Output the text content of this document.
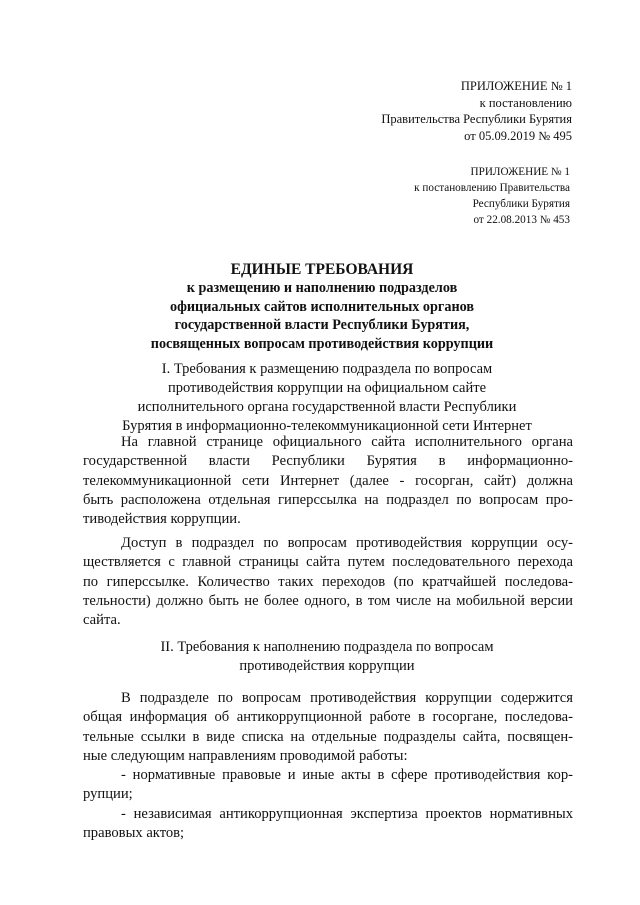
ПРИЛОЖЕНИЕ № 1
к постановлению
Правительства Республики Бурятия
от 05.09.2019 № 495
ПРИЛОЖЕНИЕ № 1
к постановлению Правительства
Республики Бурятия
от 22.08.2013 № 453
ЕДИНЫЕ ТРЕБОВАНИЯ
к размещению и наполнению подразделов
официальных сайтов исполнительных органов
государственной власти Республики Бурятия,
посвященных вопросам противодействия коррупции
I. Требования к размещению подраздела по вопросам
противодействия коррупции на официальном сайте
исполнительного органа государственной власти Республики
Бурятия в информационно-телекоммуникационной сети Интернет
На главной странице официального сайта исполнительного органа
государственной власти Республики Бурятия в информационно-
телекоммуникационной сети Интернет (далее - госорган, сайт) должна
быть расположена отдельная гиперссылка на подраздел по вопросам про-
тиводействия коррупции.
Доступ в подраздел по вопросам противодействия коррупции осу-
ществляется с главной страницы сайта путем последовательного перехода
по гиперссылке. Количество таких переходов (по кратчайшей последова-
тельности) должно быть не более одного, в том числе на мобильной версии
сайта.
II. Требования к наполнению подраздела по вопросам
противодействия коррупции
В подразделе по вопросам противодействия коррупции содержится
общая информация об антикоррупционной работе в госоргане, последова-
тельные ссылки в виде списка на отдельные подразделы сайта, посвящен-
ные следующим направлениям проводимой работы:
- нормативные правовые и иные акты в сфере противодействия кор-
рупции;
- независимая антикоррупционная экспертиза проектов нормативных
правовых актов;
